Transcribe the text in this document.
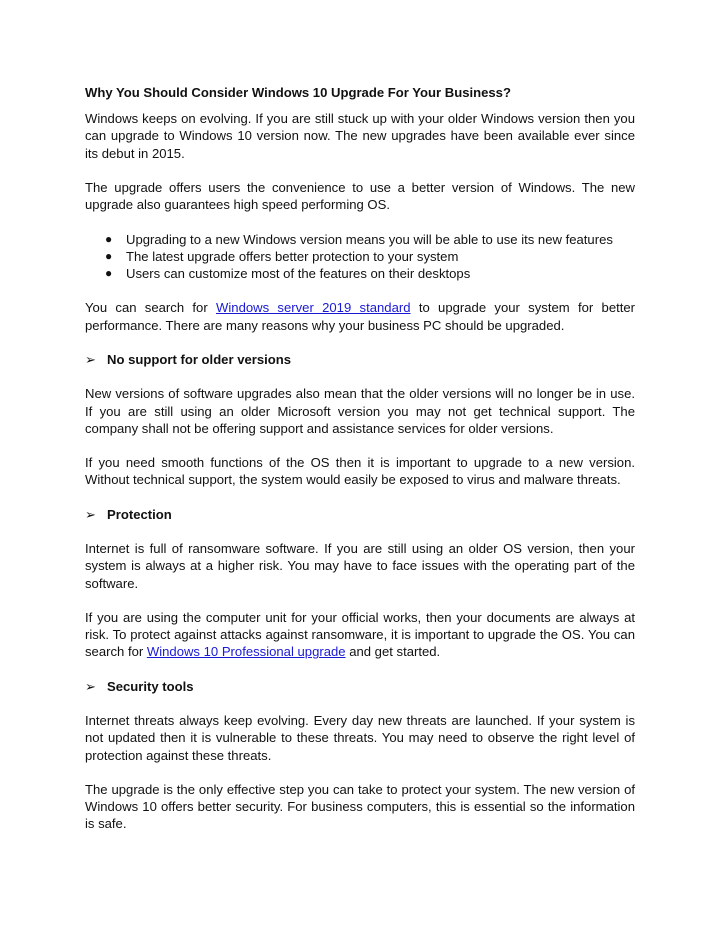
Why You Should Consider Windows 10 Upgrade For Your Business?

Windows keeps on evolving. If you are still stuck up with your older Windows version then you can upgrade to Windows 10 version now. The new upgrades have been available ever since its debut in 2015.

The upgrade offers users the convenience to use a better version of Windows. The new upgrade also guarantees high speed performing OS.

● Upgrading to a new Windows version means you will be able to use its new features
● The latest upgrade offers better protection to your system
● Users can customize most of the features on their desktops

You can search for Windows server 2019 standard to upgrade your system for better performance. There are many reasons why your business PC should be upgraded.

➢ No support for older versions

New versions of software upgrades also mean that the older versions will no longer be in use. If you are still using an older Microsoft version you may not get technical support. The company shall not be offering support and assistance services for older versions.

If you need smooth functions of the OS then it is important to upgrade to a new version. Without technical support, the system would easily be exposed to virus and malware threats.

➢ Protection

Internet is full of ransomware software. If you are still using an older OS version, then your system is always at a higher risk. You may have to face issues with the operating part of the software.

If you are using the computer unit for your official works, then your documents are always at risk. To protect against attacks against ransomware, it is important to upgrade the OS. You can search for Windows 10 Professional upgrade and get started.

➢ Security tools

Internet threats always keep evolving. Every day new threats are launched. If your system is not updated then it is vulnerable to these threats. You may need to observe the right level of protection against these threats.

The upgrade is the only effective step you can take to protect your system. The new version of Windows 10 offers better security. For business computers, this is essential so the information is safe.
